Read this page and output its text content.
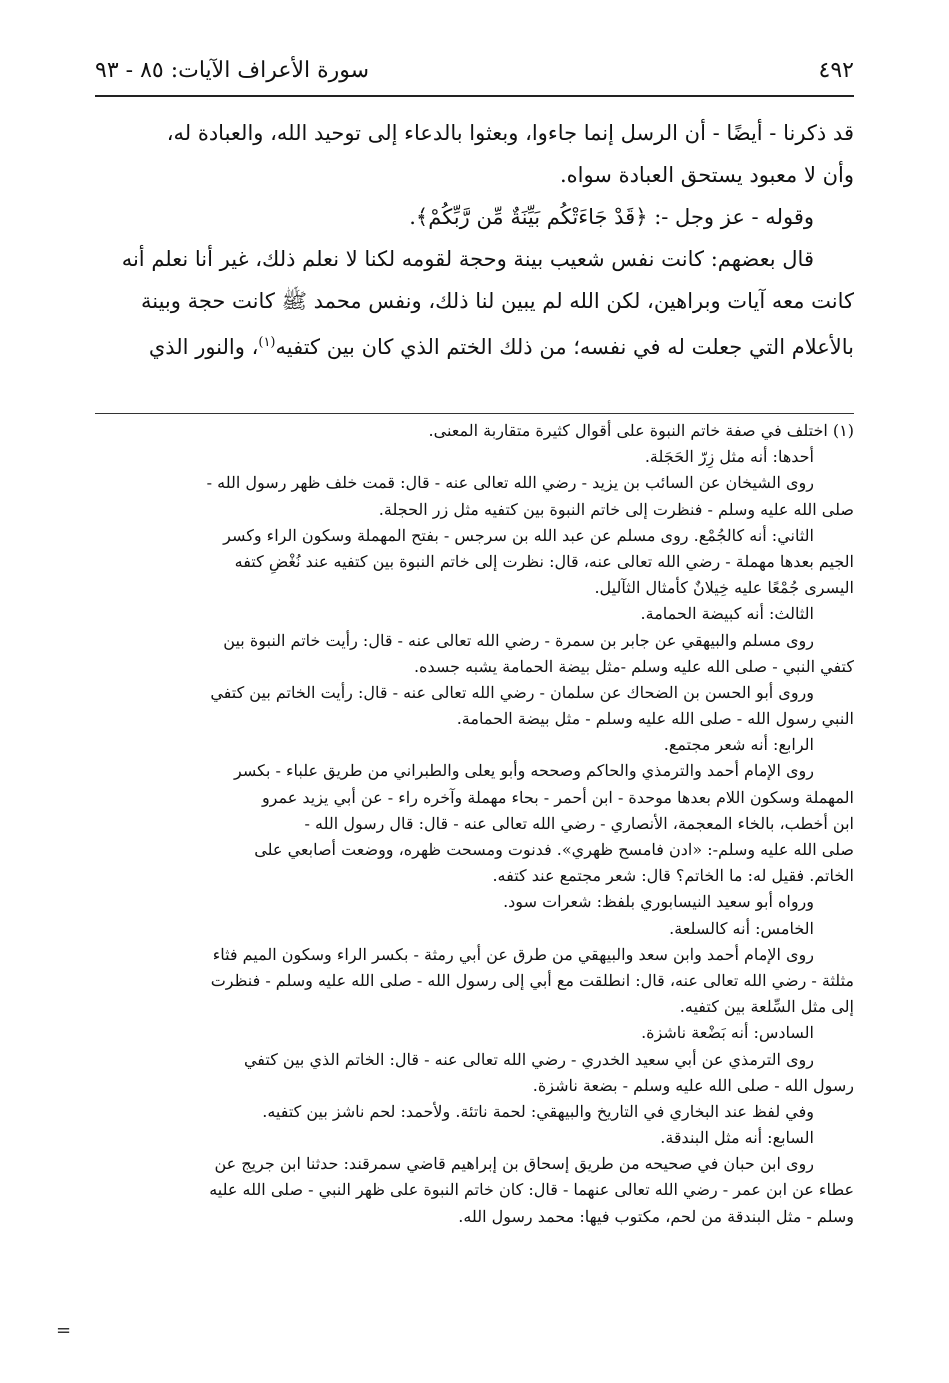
٤٩٢
سورة الأعراف الآيات: ٨٥ - ٩٣
قد ذكرنا - أيضًا - أن الرسل إنما جاءوا، وبعثوا بالدعاء إلى توحيد الله، والعبادة له،
وأن لا معبود يستحق العبادة سواه.
وقوله - عز وجل -: ﴿قَدْ جَاءَتْكُم بَيِّنَةٌ مِّن رَّبِّكُمْ﴾.
قال بعضهم: كانت نفس شعيب بينة وحجة لقومه لكنا لا نعلم ذلك، غير أنا نعلم أنه
كانت معه آيات وبراهين، لكن الله لم يبين لنا ذلك، ونفس محمد ﷺ كانت حجة وبينة
بالأعلام التي جعلت له في نفسه؛ من ذلك الختم الذي كان بين كتفيه$^{(١)}$، والنور الذي
(١) اختلف في صفة خاتم النبوة على أقوال كثيرة متقاربة المعنى.
أحدها: أنه مثل زِرّ الحَجَلة.
روى الشيخان عن السائب بن يزيد - رضي الله تعالى عنه - قال: قمت خلف ظهر رسول الله -
صلى الله عليه وسلم - فنظرت إلى خاتم النبوة بين كتفيه مثل زر الحجلة.
الثاني: أنه كالجُمْع. روى مسلم عن عبد الله بن سرجس - بفتح المهملة وسكون الراء وكسر
الجيم بعدها مهملة - رضي الله تعالى عنه، قال: نظرت إلى خاتم النبوة بين كتفيه عند نُغْضِ كتفه
اليسرى جُمْعًا عليه خِيلانٌ كأمثال الثآليل.
الثالث: أنه كبيضة الحمامة.
روى مسلم والبيهقي عن جابر بن سمرة - رضي الله تعالى عنه - قال: رأيت خاتم النبوة بين
كتفي النبي - صلى الله عليه وسلم -مثل بيضة الحمامة يشبه جسده.
وروى أبو الحسن بن الضحاك عن سلمان - رضي الله تعالى عنه - قال: رأيت الخاتم بين كتفي
النبي رسول الله - صلى الله عليه وسلم - مثل بيضة الحمامة.
الرابع: أنه شعر مجتمع.
روى الإمام أحمد والترمذي والحاكم وصححه وأبو يعلى والطبراني من طريق علباء - بكسر
المهملة وسكون اللام بعدها موحدة - ابن أحمر - بحاء مهملة وآخره راء - عن أبي يزيد عمرو
ابن أخطب، بالخاء المعجمة، الأنصاري - رضي الله تعالى عنه - قال: قال رسول الله -
صلى الله عليه وسلم-: «ادن فامسح ظهري». فدنوت ومسحت ظهره، ووضعت أصابعي على
الخاتم. فقيل له: ما الخاتم؟ قال: شعر مجتمع عند كتفه.
ورواه أبو سعيد النيسابوري بلفظ: شعرات سود.
الخامس: أنه كالسلعة.
روى الإمام أحمد وابن سعد والبيهقي من طرق عن أبي رمثة - بكسر الراء وسكون الميم فثاء
مثلثة - رضي الله تعالى عنه، قال: انطلقت مع أبي إلى رسول الله - صلى الله عليه وسلم - فنظرت
إلى مثل السِّلعة بين كتفيه.
السادس: أنه بَضْعة ناشزة.
روى الترمذي عن أبي سعيد الخدري - رضي الله تعالى عنه - قال: الخاتم الذي بين كتفي
رسول الله - صلى الله عليه وسلم - بضعة ناشزة.
وفي لفظ عند البخاري في التاريخ والبيهقي: لحمة ناتئة. ولأحمد: لحم ناشز بين كتفيه.
السابع: أنه مثل البندقة.
روى ابن حبان في صحيحه من طريق إسحاق بن إبراهيم قاضي سمرقند: حدثنا ابن جريج عن
عطاء عن ابن عمر - رضي الله تعالى عنهما - قال: كان خاتم النبوة على ظهر النبي - صلى الله عليه
وسلم - مثل البندقة من لحم، مكتوب فيها: محمد رسول الله.
=
